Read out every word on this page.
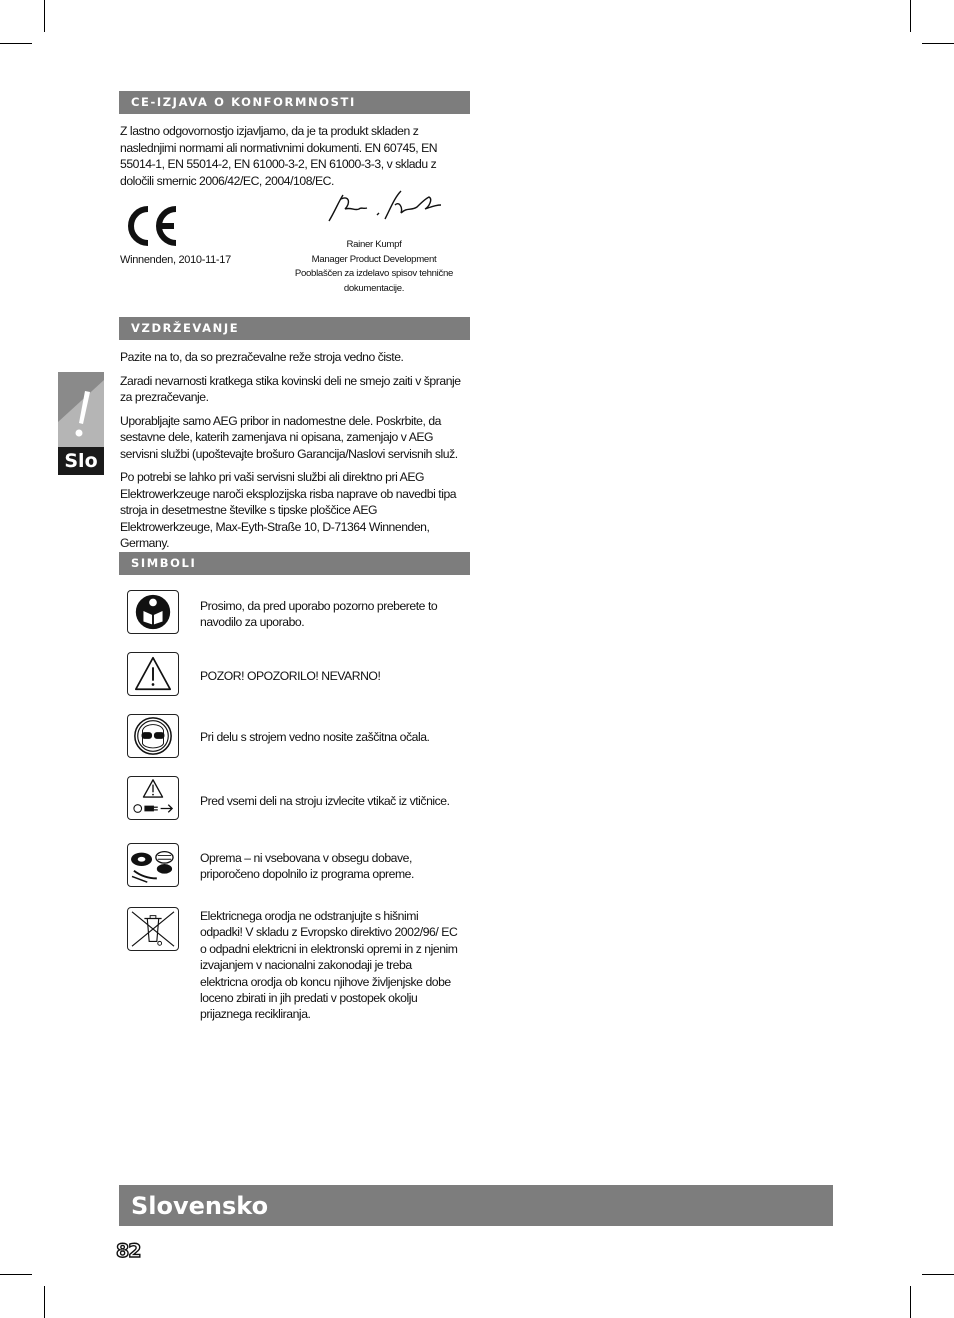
CE-IZJAVA O KONFORMNOSTI
Z lastno odgovornostjo izjavljamo, da je ta produkt skladen z naslednjimi normami ali normativnimi dokumenti. EN 60745, EN 55014-1, EN 55014-2, EN 61000-3-2, EN 61000-3-3, v skladu z določili smernic 2006/42/EC, 2004/108/EC.
Winnenden, 2010-11-17
Rainer Kumpf
Manager Product Development
Pooblaščen za izdelavo spisov tehnične dokumentacije.
VZDRŽEVANJE

Pazite na to, da so prezračevalne reže stroja vedno čiste.

Zaradi nevarnosti kratkega stika kovinski deli ne smejo zaiti v špranje za prezračevanje.

Uporabljajte samo AEG pribor in nadomestne dele. Poskrbite, da sestavne dele, katerih zamenjava ni opisana, zamenjajo v AEG servisni službi (upoštevajte brošuro Garancija/Naslovi servisnih služ.

Po potrebi se lahko pri vaši servisni službi ali direktno pri AEG Elektrowerkzeuge naroči eksplozijska risba naprave ob navedbi tipa stroja in desetmestne številke s tipske ploščice AEG Elektrowerkzeuge, Max-Eyth-Straße 10, D-71364 Winnenden, Germany.

Slo
SIMBOLI
Prosimo, da pred uporabo pozorno preberete to navodilo za uporabo.
POZOR! OPOZORILO! NEVARNO!
Pri delu s strojem vedno nosite zaščitna očala.
Pred vsemi deli na stroju izvlecite vtikač iz vtičnice.
Oprema – ni vsebovana v obsegu dobave, priporočeno dopolnilo iz programa opreme.
Elektricnega orodja ne odstranjujte s hišnimi odpadki! V skladu z Evropsko direktivo 2002/96/ EC o odpadni elektricni in elektronski opremi in z njenim izvajanjem v nacionalni zakonodaji je treba elektricna orodja ob koncu njihove življenjske dobe loceno zbirati in jih predati v postopek okolju prijaznega recikliranja.
Slovensko
82
